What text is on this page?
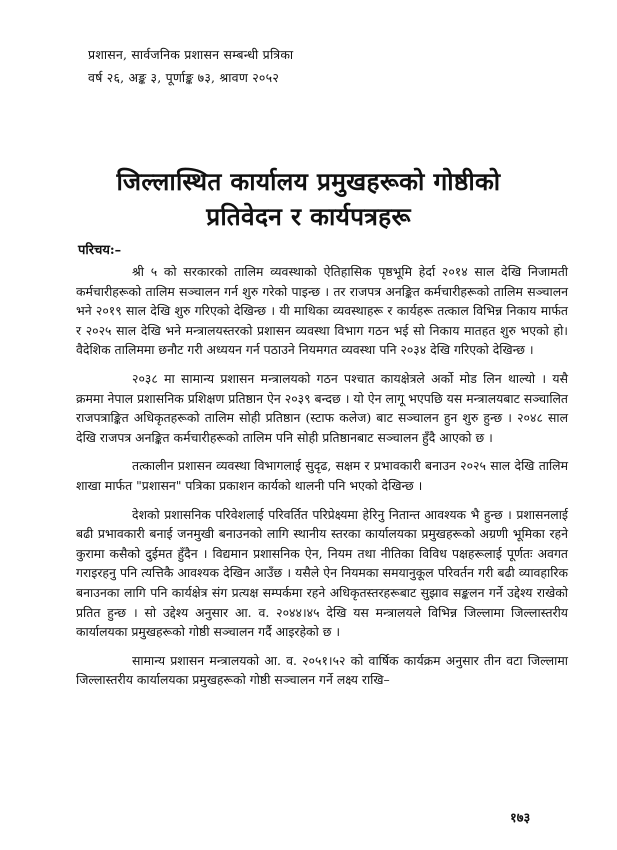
प्रशासन, सार्वजनिक प्रशासन सम्बन्धी प्रत्रिका
वर्ष २६, अङ्क ३, पूर्णाङ्क ७३, श्रावण २०५२
जिल्लास्थित कार्यालय प्रमुखहरूको गोष्ठीको
प्रतिवेदन र कार्यपत्रहरू
परिचय:–

श्री ५ को सरकारको तालिम व्यवस्थाको ऐतिहासिक पृष्ठभूमि हेर्दा २०१४ साल देखि निजामती कर्मचारीहरूको तालिम सञ्चालन गर्न शुरु गरेको पाइन्छ । तर राजपत्र अनङ्कित कर्मचारीहरूको तालिम सञ्चालन भने २०१९ साल देखि शुरु गरिएको देखिन्छ । यी माथिका व्यवस्थाहरू र कार्यहरू तत्काल विभिन्न निकाय मार्फत र २०२५ साल देखि भने मन्त्रालयस्तरको प्रशासन व्यवस्था विभाग गठन भई सो निकाय मातहत शुरु भएको हो। वैदेशिक तालिममा छनौट गरी अध्ययन गर्न पठाउने नियमगत व्यवस्था पनि २०३४ देखि गरिएको देखिन्छ ।

२०३८ मा सामान्य प्रशासन मन्त्रालयको गठन पश्चात कायक्षेत्रले अर्को मोड लिन थाल्यो । यसै क्रममा नेपाल प्रशासनिक प्रशिक्षण प्रतिष्ठान ऐन २०३९ बन्दछ । यो ऐन लागू भएपछि यस मन्त्रालयबाट सञ्चालित राजपत्राङ्कित अधिकृतहरूको तालिम सोही प्रतिष्ठान (स्टाफ कलेज) बाट सञ्चालन हुन शुरु हुन्छ । २०४८ साल देखि राजपत्र अनङ्कित कर्मचारीहरूको तालिम पनि सोही प्रतिष्ठानबाट सञ्चालन हुँदै आएको छ ।

तत्कालीन प्रशासन व्यवस्था विभागलाई सुदृढ, सक्षम र प्रभावकारी बनाउन २०२५ साल देखि तालिम शाखा मार्फत "प्रशासन" पत्रिका प्रकाशन कार्यको थालनी पनि भएको देखिन्छ ।

देशको प्रशासनिक परिवेशलाई परिवर्तित परिप्रेक्ष्यमा हेरिनु नितान्त आवश्यक भै हुन्छ । प्रशासनलाई बढी प्रभावकारी बनाई जनमुखी बनाउनको लागि स्थानीय स्तरका कार्यालयका प्रमुखहरूको अग्रणी भूमिका रहने कुरामा कसैको दुईमत हुँदैन । विद्यमान प्रशासनिक ऐन, नियम तथा नीतिका विविध पक्षहरूलाई पूर्णतः अवगत गराइरहनु पनि त्यत्तिकै आवश्यक देखिन आउँछ । यसैले ऐन नियमका समयानुकूल परिवर्तन गरी बढी व्यावहारिक बनाउनका लागि पनि कार्यक्षेत्र संग प्रत्यक्ष सम्पर्कमा रहने अधिकृतस्तरहरूबाट सुझाव सङ्कलन गर्ने उद्देश्य राखेको प्रतित हुन्छ । सो उद्देश्य अनुसार आ. व. २०४४।४५ देखि यस मन्त्रालयले विभिन्न जिल्लामा जिल्लास्तरीय कार्यालयका प्रमुखहरूको गोष्ठी सञ्चालन गर्दै आइरहेको छ ।

सामान्य प्रशासन मन्त्रालयको आ. व. २०५१।५२ को वार्षिक कार्यक्रम अनुसार तीन वटा जिल्लामा जिल्लास्तरीय कार्यालयका प्रमुखहरूको गोष्ठी सञ्चालन गर्ने लक्ष्य राखि–

१७३
